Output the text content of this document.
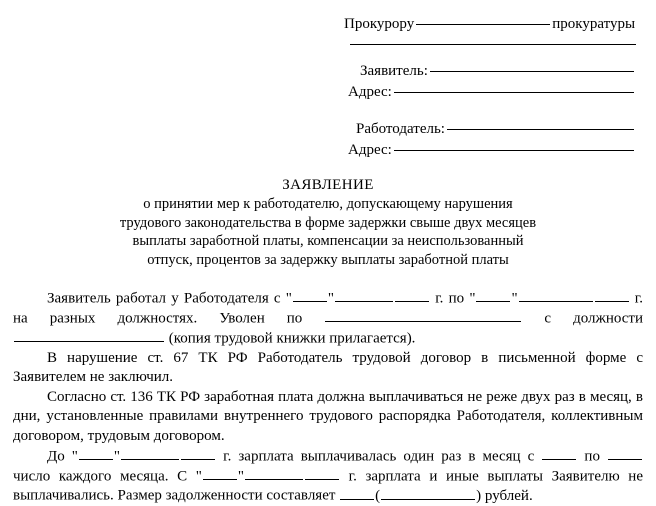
Прокурору	прокуратуры
Заявитель:
Адрес:
Работодатель:
Адрес:
ЗАЯВЛЕНИЕ
о принятии мер к работодателю, допускающему нарушения
трудового законодательства в форме задержки свыше двух месяцев
выплаты заработной платы, компенсации за неиспользованный
отпуск, процентов за задержку выплаты заработной платы

Заявитель работал у Работодателя с " "	г. по " "	г. на разных должностях. Уволен по	с должности  (копия трудовой книжки прилагается).

В нарушение ст. 67 ТК РФ Работодатель трудовой договор в письменной форме с Заявителем не заключил.

Согласно ст. 136 ТК РФ заработная плата должна выплачиваться не реже двух раз в месяц, в дни, установленные правилами внутреннего трудового распорядка Работодателя, коллективным договором, трудовым договором.

До " "	г. зарплата выплачивалась один раз в месяц с	по  число каждого месяца. С " "	г. зарплата и иные выплаты Заявителю не выплачивались. Размер задолженности составляет	(	) рублей.
